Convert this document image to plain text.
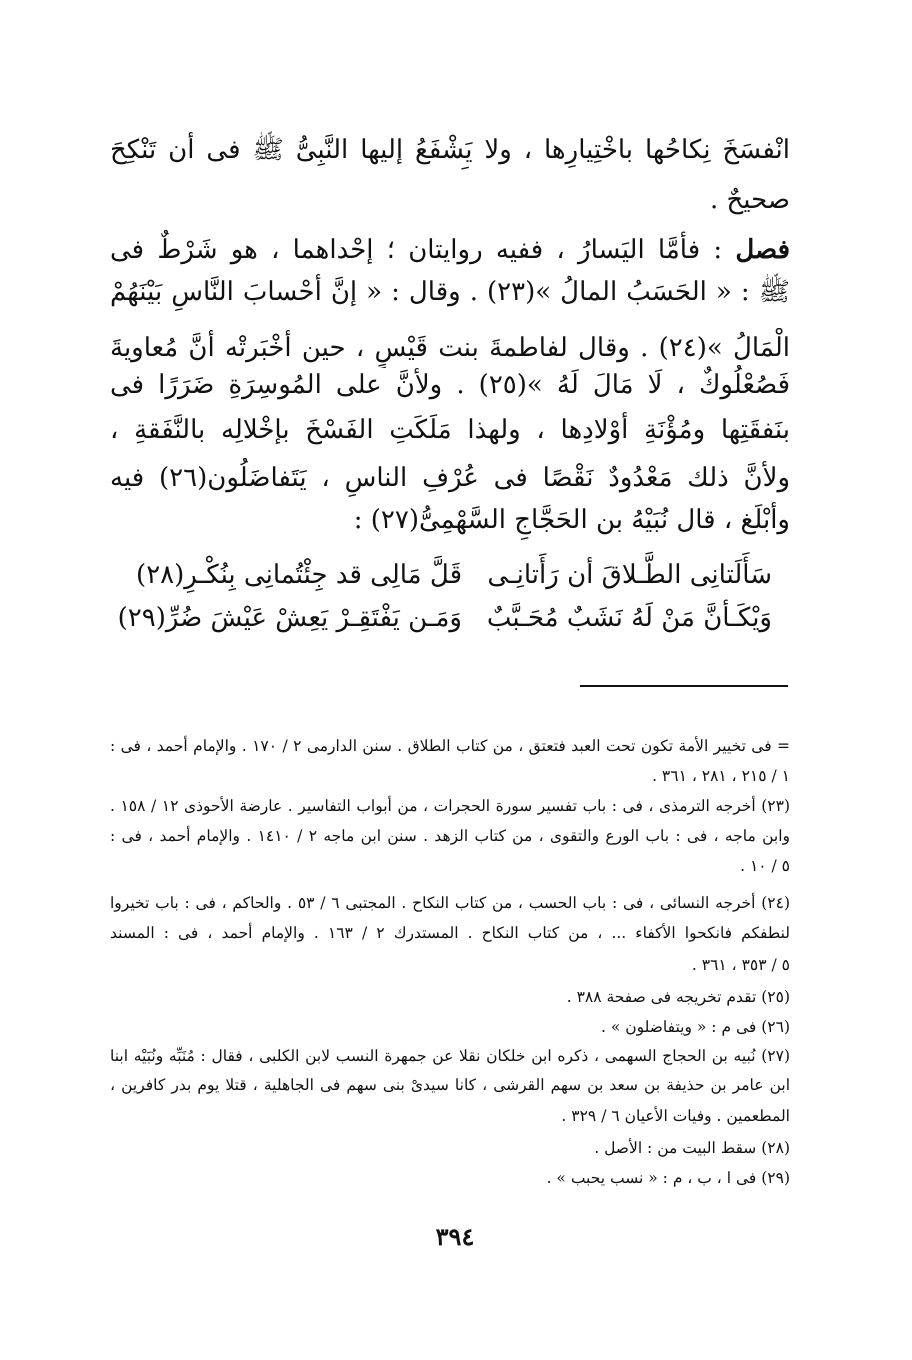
انْفسَخَ نِكاحُها باخْتِيارِها ، ولا يَشْفَعُ إليها النَّبِىُّ ﷺ فى أن تَنْكِحَ
صحيحٌ .
فصل : فأمَّا اليَسارُ ، ففيه روايتان ؛ إحْداهما ، هو شَرْطٌ فى
ﷺ : « الحَسَبُ المالُ »(٢٣) . وقال : « إنَّ أحْسابَ النَّاسِ بَيْنَهُمْ
الْمَالُ »(٢٤) . وقال لفاطمةَ بنت قَيْسٍ ، حين أخْبَرتْه أنَّ مُعاويةَ
فَصُعْلُوكٌ ، لَا مَالَ لَهُ »(٢٥) . ولأنَّ على المُوسِرَةِ ضَرَرًا فى
بنَفقَتِها ومُؤْنَةِ أوْلادِها ، ولهذا مَلَكَتِ الفَسْخَ بإخْلالِه بالنَّفَقةِ ،
ولأنَّ ذلك مَعْدُودٌ نَقْصًا فى عُرْفِ الناسِ ، يَتَفاضَلُون(٢٦) فيه
وأبْلَغ ، قال نُبَيْهُ بن الحَجَّاجِ السَّهْمِىُّ(٢٧) :
سَأَلَتانِى الطَّـلاقَ أن رَأَتانِـى
قَلَّ مَالِى قد جِئْتُمانِى بِنُكْـرِ(٢٨)
وَيْكَـأنَّ مَنْ لَهُ نَشَبٌ مُحَـبَّبٌ
وَمَـن يَفْتَقِـرْ يَعِشْ عَيْشَ ضُرِّ(٢٩)
= فى تخيير الأمة تكون تحت العبد فتعتق ، من كتاب الطلاق . سنن الدارمى ٢ / ١٧٠ . والإمام أحمد ، فى :
١ / ٢١٥ ، ٢٨١ ، ٣٦١ .
(٢٣) أخرجه الترمذى ، فى : باب تفسير سورة الحجرات ، من أبواب التفاسير . عارضة الأحوذى ١٢ / ١٥٨ .
وابن ماجه ، فى : باب الورع والتقوى ، من كتاب الزهد . سنن ابن ماجه ٢ / ١٤١٠ . والإمام أحمد ، فى :
٥ / ١٠ .
(٢٤) أخرجه النسائى ، فى : باب الحسب ، من كتاب النكاح . المجتبى ٦ / ٥٣ . والحاكم ، فى : باب تخيروا
لنطفكم فانكحوا الأكفاء ... ، من كتاب النكاح . المستدرك ٢ / ١٦٣ . والإمام أحمد ، فى : المسند
٥ / ٣٥٣ ، ٣٦١ .
(٢٥) تقدم تخريجه فى صفحة ٣٨٨ .
(٢٦) فى م : « ويتفاضلون » .
(٢٧) نُبيه بن الحجاج السهمى ، ذكره ابن خلكان نقلا عن جمهرة النسب لابن الكلبى ، فقال : مُنَبِّه ونُبَيْه ابنا
ابن عامر بن حذيفة بن سعد بن سهم القرشى ، كانا سيدىْ بنى سهم فى الجاهلية ، قتلا يوم بدر كافرين ،
المطعمين . وفيات الأعيان ٦ / ٣٢٩ .
(٢٨) سقط البيت من : الأصل .
(٢٩) فى ا ، ب ، م : « نسب يحبب » .
٣٩٤
